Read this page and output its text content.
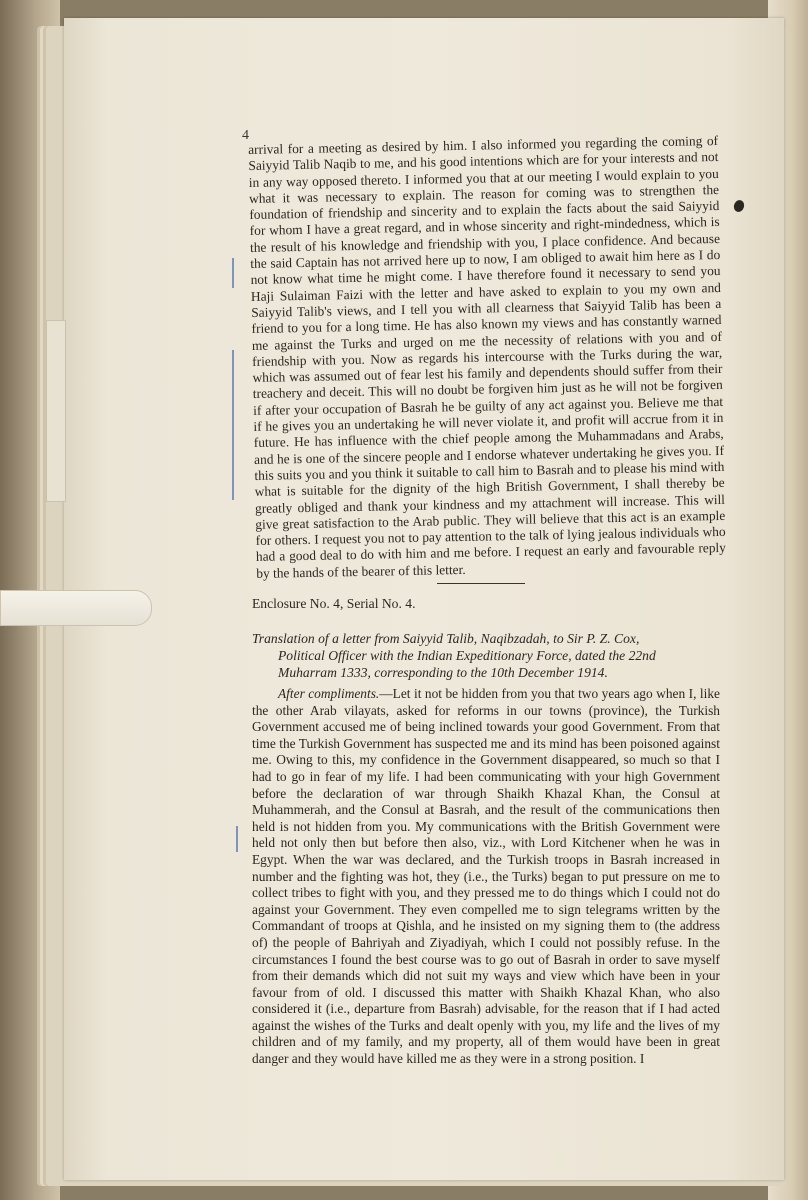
4 arrival for a meeting as desired by him. I also informed you regarding the coming of Saiyyid Talib Naqib to me, and his good intentions which are for your interests and not in any way opposed thereto. I informed you that at our meeting I would explain to you what it was necessary to explain. The reason for coming was to strengthen the foundation of friendship and sincerity and to explain the facts about the said Saiyyid for whom I have a great regard, and in whose sincerity and right-mindedness, which is the result of his knowledge and friendship with you, I place confidence. And because the said Captain has not arrived here up to now, I am obliged to await him here as I do not know what time he might come. I have therefore found it necessary to send you Haji Sulaiman Faizi with the letter and have asked to explain to you my own and Saiyyid Talib's views, and I tell you with all clearness that Saiyyid Talib has been a friend to you for a long time. He has also known my views and has constantly warned me against the Turks and urged on me the necessity of relations with you and of friendship with you. Now as regards his intercourse with the Turks during the war, which was assumed out of fear lest his family and dependents should suffer from their treachery and deceit. This will no doubt be forgiven him just as he will not be forgiven if after your occupation of Basrah he be guilty of any act against you. Believe me that if he gives you an undertaking he will never violate it, and profit will accrue from it in future. He has influence with the chief people among the Muhammadans and Arabs, and he is one of the sincere people and I endorse whatever undertaking he gives you. If this suits you and you think it suitable to call him to Basrah and to please his mind with what is suitable for the dignity of the high British Government, I shall thereby be greatly obliged and thank your kindness and my attachment will increase. This will give great satisfaction to the Arab public. They will believe that this act is an example for others. I request you not to pay attention to the talk of lying jealous individuals who had a good deal to do with him and me before. I request an early and favourable reply by the hands of the bearer of this letter.
Enclosure No. 4, Serial No. 4.
Translation of a letter from Saiyyid Talib, Naqibzadah, to Sir P. Z. Cox,
Political Officer with the Indian Expeditionary Force, dated the 22nd
Muharram 1333, corresponding to the 10th December 1914.
After compliments.—Let it not be hidden from you that two years ago when I, like the other Arab vilayats, asked for reforms in our towns (province), the Turkish Government accused me of being inclined towards your good Government. From that time the Turkish Government has suspected me and its mind has been poisoned against me. Owing to this, my confidence in the Government disappeared, so much so that I had to go in fear of my life. I had been communicating with your high Government before the declaration of war through Shaikh Khazal Khan, the Consul at Muhammerah, and the Consul at Basrah, and the result of the communications then held is not hidden from you. My communications with the British Government were held not only then but before then also, viz., with Lord Kitchener when he was in Egypt. When the war was declared, and the Turkish troops in Basrah increased in number and the fighting was hot, they (i.e., the Turks) began to put pressure on me to collect tribes to fight with you, and they pressed me to do things which I could not do against your Government. They even compelled me to sign telegrams written by the Commandant of troops at Qishla, and he insisted on my signing them to (the address of) the people of Bahriyah and Ziyadiyah, which I could not possibly refuse. In the circumstances I found the best course was to go out of Basrah in order to save myself from their demands which did not suit my ways and view which have been in your favour from of old. I discussed this matter with Shaikh Khazal Khan, who also considered it (i.e., departure from Basrah) advisable, for the reason that if I had acted against the wishes of the Turks and dealt openly with you, my life and the lives of my children and of my family, and my property, all of them would have been in great danger and they would have killed me as they were in a strong position. I
